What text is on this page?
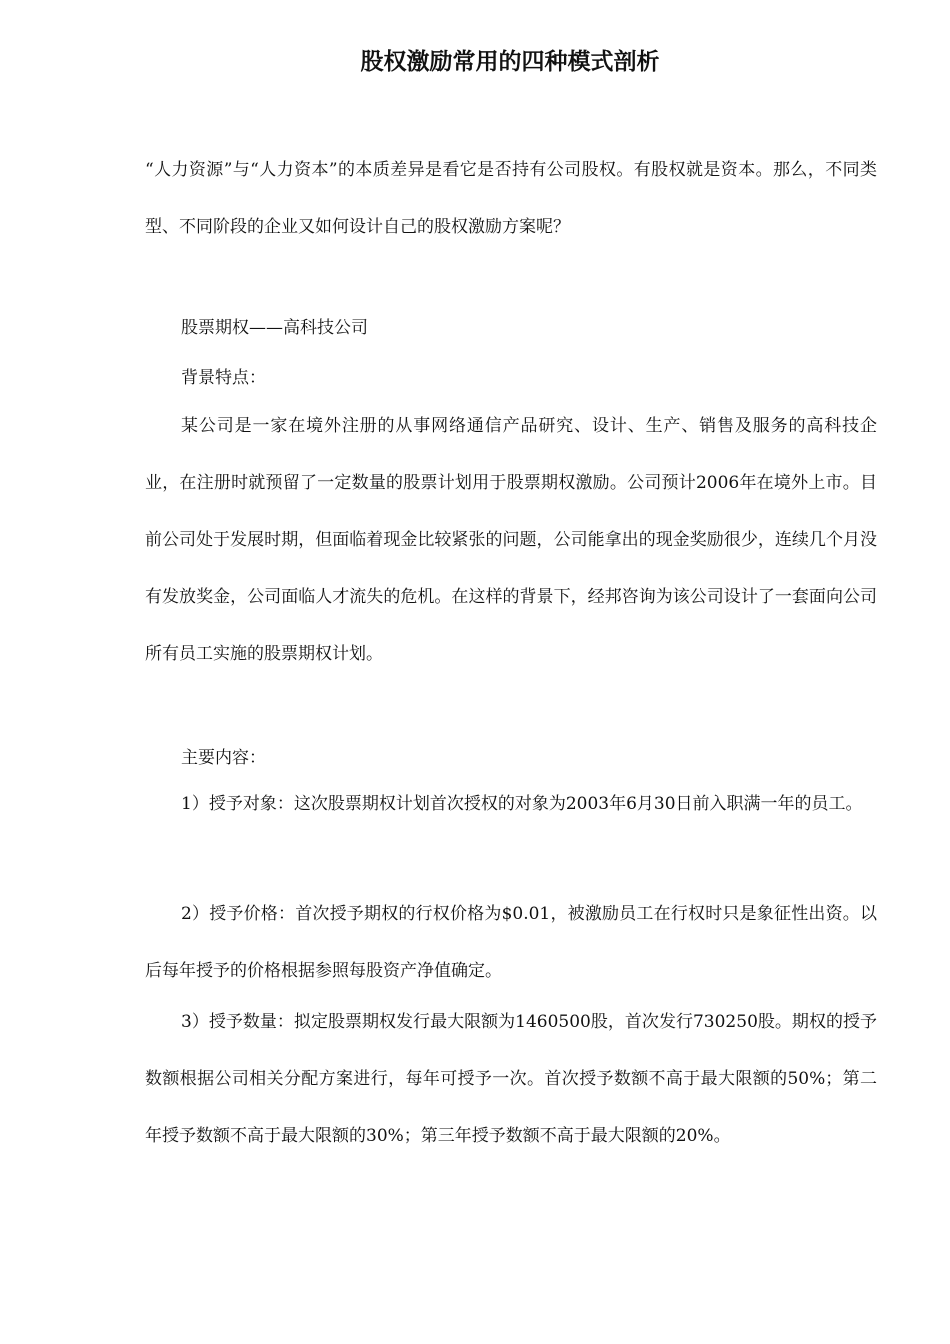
股权激励常用的四种模式剖析

“人力资源”与“人力资本”的本质差异是看它是否持有公司股权。有股权就是资本。那么，不同类型、不同阶段的企业又如何设计自己的股权激励方案呢？

股票期权——高科技公司

背景特点：

某公司是一家在境外注册的从事网络通信产品研究、设计、生产、销售及服务的高科技企业，在注册时就预留了一定数量的股票计划用于股票期权激励。公司预计2006年在境外上市。目前公司处于发展时期，但面临着现金比较紧张的问题，公司能拿出的现金奖励很少，连续几个月没有发放奖金，公司面临人才流失的危机。在这样的背景下，经邦咨询为该公司设计了一套面向公司所有员工实施的股票期权计划。

主要内容：

1）授予对象：这次股票期权计划首次授权的对象为2003年6月30日前入职满一年的员工。

2）授予价格：首次授予期权的行权价格为$0.01，被激励员工在行权时只是象征性出资。以后每年授予的价格根据参照每股资产净值确定。

3）授予数量：拟定股票期权发行最大限额为1460500股，首次发行730250股。期权的授予数额根据公司相关分配方案进行，每年可授予一次。首次授予数额不高于最大限额的50%；第二年授予数额不高于最大限额的30%；第三年授予数额不高于最大限额的20%。
